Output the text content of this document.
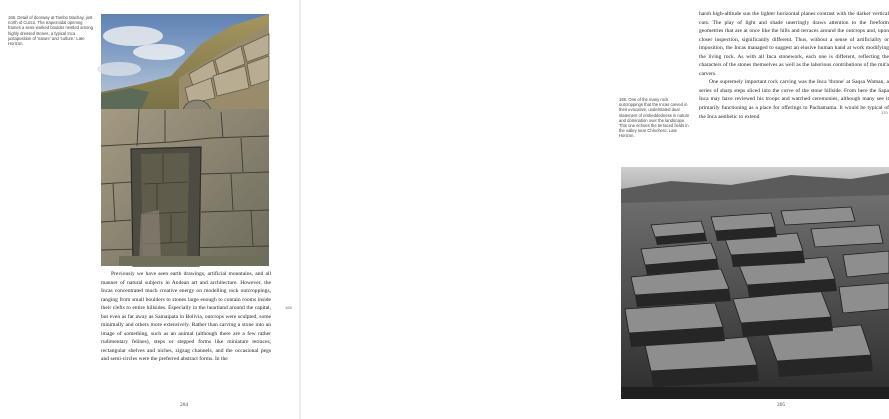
168. Detail of doorway at Tambo Machay, just north of Cuzco. The trapezoidal opening frames a semi-worked boulder nestled among highly dressed stones, a typical Inca juxtaposition of 'nature' and 'culture.' Late Horizon.

Previously we have seen earth drawings, artificial mountains, and all manner of natural subjects in Andean art and architecture. However, the Incas concentrated much creative energy on modelling rock outcroppings, ranging from small boulders to stones large enough to contain rooms inside their clefts to entire hillsides. Especially in the heartland around the capital, but even as far away as Samaipata in Bolivia, outcrops were sculpted, some minimally and others more extensively. Rather than carving a stone into an image of something, such as an animal (although there are a few rather rudimentary felines), steps or stepped forms like miniature terraces, rectangular shelves and niches, zigzag channels, and the occasional pegs and semi-circles were the preferred abstract forms. In the

168
204

harsh high-altitude sun the lighter horizontal planes contrast with the darker vertical cuts. The play of light and shade unerringly draws attention to the freeform geometries that are at once like the hills and terraces around the outcrops and, upon closer inspection, significantly different. Thus, without a sense of artificiality or imposition, the Incas managed to suggest an elusive human hand at work modifying the living rock. As with all Inca stonework, each one is different, reflecting the characters of the stones themselves as well as the laborious contributions of the mit'a carvers.

One supremely important rock carving was the Inca 'throne' at Saqsa Waman, a series of sharp steps sliced into the curve of the stone hillside. From here the Sapa Inca may have reviewed his troops and watched ceremonies, although many see it primarily functioning as a place for offerings to Pachamama. It would be typical of the Inca aesthetic to extend

169. One of the many rock outcroppings that the Incas carved in their evocative, understated dual statement of embeddedness in nature and domination over the landscape. This one echoes the terraced fields in the valley near Chinchero. Late Horizon.

170
205
